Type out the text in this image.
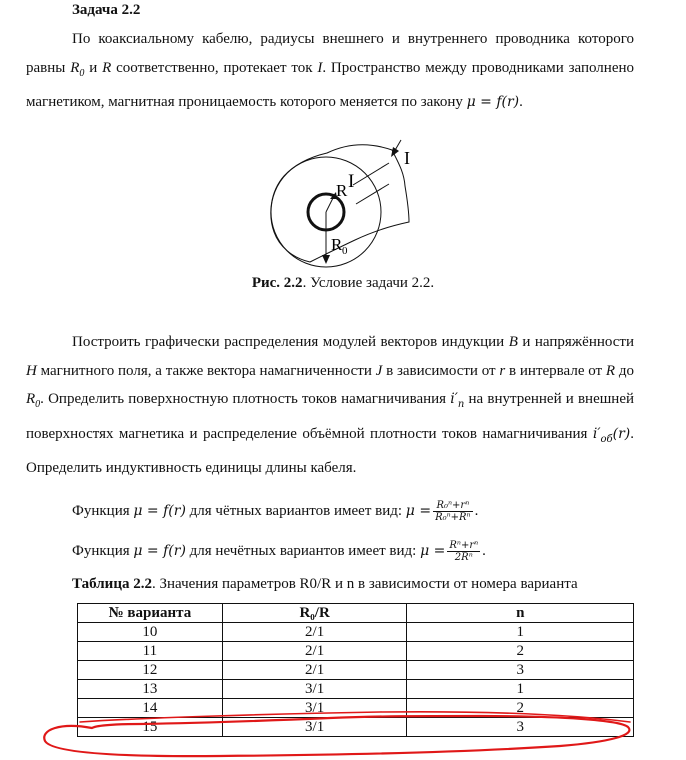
Задача 2.2
По коаксиальному кабелю, радиусы внешнего и внутреннего проводника которого равны $R_0$ и R соответственно, протекает ток I. Пространство между проводниками заполнено магнетиком, магнитная проницаемость которого меняется по закону μ = f(r).
I
R I
R 0
Рис. 2.2. Условие задачи 2.2.
Построить графически распределения модулей векторов индукции B и напряжённости H магнитного поля, а также вектора намагниченности J в зависимости от r в интервале от R до $R_0$. Определить поверхностную плотность токов намагничивания $i'_п$ на внутренней и внешней поверхностях магнетика и распределение объёмной плотности токов намагничивания $i'_{об}(r)$. Определить индуктивность единицы длины кабеля.
Функция μ = f(r) для чётных вариантов имеет вид: $\mu = \frac{\text{R₀ⁿ+rⁿ}}{\text{R₀ⁿ+Rⁿ}}$ .
Функция μ = f(r) для нечётных вариантов имеет вид: $\mu = \frac{\text{Rⁿ+rⁿ}}{\text{2Rⁿ}}$ .
Таблица 2.2. Значения параметров R0/R и n в зависимости от номера варианта
№ варианта	R₀/R	n
10	2/1	1
11	2/1	2
12	2/1	3
13	3/1	1
14	3/1	2
15	3/1	3
